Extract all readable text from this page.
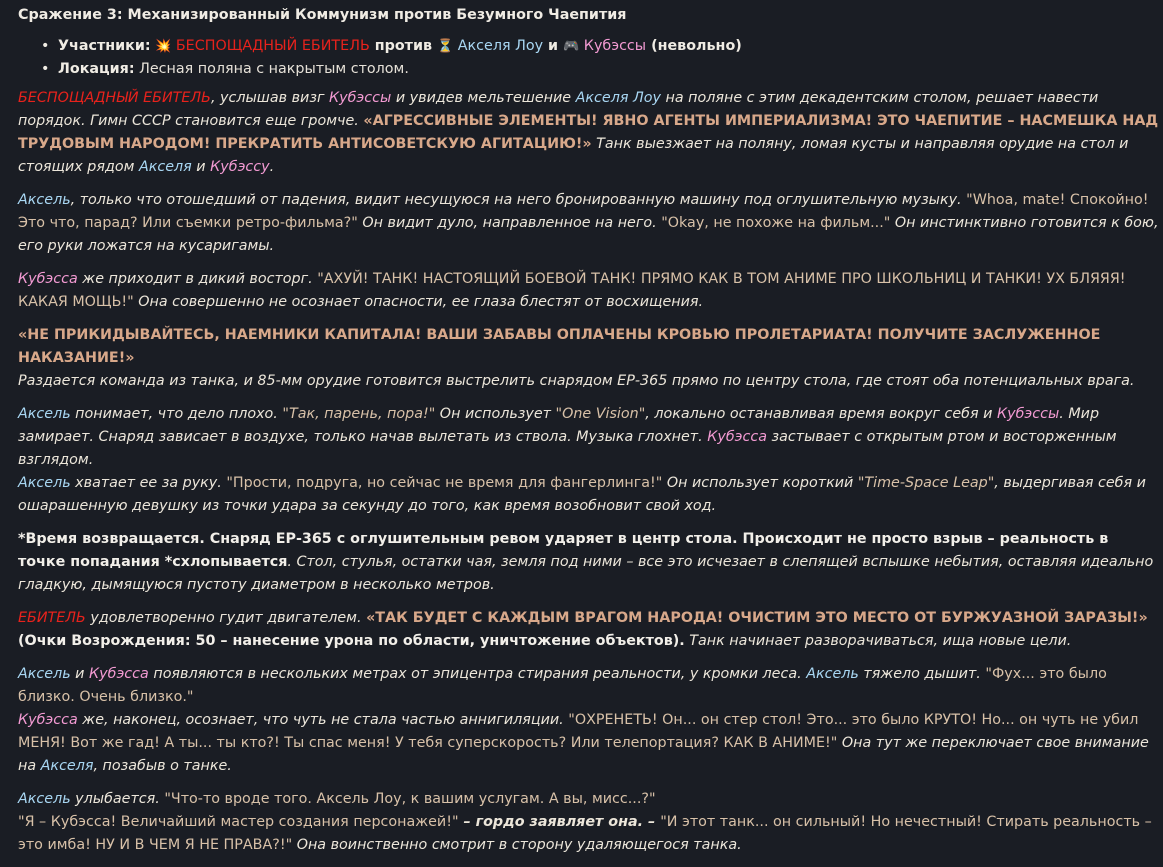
Сражение 3: Механизированный Коммунизм против Безумного Чаепития
• Участники: 💥 БЕСПОЩАДНЫЙ ЕБИТЕЛЬ против ⏳ Акселя Лоу и 🎮 Кубэссы (невольно)
• Локация: Лесная поляна с накрытым столом.

БЕСПОЩАДНЫЙ ЕБИТЕЛЬ, услышав визг Кубэссы и увидев мельтешение Акселя Лоу на поляне с этим декадентским столом, решает навести порядок. Гимн СССР становится еще громче. «АГРЕССИВНЫЕ ЭЛЕМЕНТЫ! ЯВНО АГЕНТЫ ИМПЕРИАЛИЗМА! ЭТО ЧАЕПИТИЕ – НАСМЕШКА НАД ТРУДОВЫМ НАРОДОМ! ПРЕКРАТИТЬ АНТИСОВЕТСКУЮ АГИТАЦИЮ!» Танк выезжает на поляну, ломая кусты и направляя орудие на стол и стоящих рядом Акселя и Кубэссу.

Аксель, только что отошедший от падения, видит несущуюся на него бронированную машину под оглушительную музыку. "Whoa, mate! Спокойно! Это что, парад? Или съемки ретро-фильма?" Он видит дуло, направленное на него. "Okay, не похоже на фильм..." Он инстинктивно готовится к бою, его руки ложатся на кусаригамы.

Кубэсса же приходит в дикий восторг. "АХУЙ! ТАНК! НАСТОЯЩИЙ БОЕВОЙ ТАНК! ПРЯМО КАК В ТОМ АНИМЕ ПРО ШКОЛЬНИЦ И ТАНКИ! УХ БЛЯЯЯ! КАКАЯ МОЩЬ!" Она совершенно не осознает опасности, ее глаза блестят от восхищения.

«НЕ ПРИКИДЫВАЙТЕСЬ, НАЕМНИКИ КАПИТАЛА! ВАШИ ЗАБАВЫ ОПЛАЧЕНЫ КРОВЬЮ ПРОЛЕТАРИАТА! ПОЛУЧИТЕ ЗАСЛУЖЕННОЕ НАКАЗАНИЕ!»
Раздается команда из танка, и 85-мм орудие готовится выстрелить снарядом ЕР-365 прямо по центру стола, где стоят оба потенциальных врага.

Аксель понимает, что дело плохо. "Так, парень, пора!" Он использует "One Vision", локально останавливая время вокруг себя и Кубэссы. Мир замирает. Снаряд зависает в воздухе, только начав вылетать из ствола. Музыка глохнет. Кубэсса застывает с открытым ртом и восторженным взглядом.
Аксель хватает ее за руку. "Прости, подруга, но сейчас не время для фангерлинга!" Он использует короткий "Time-Space Leap", выдергивая себя и ошарашенную девушку из точки удара за секунду до того, как время возобновит свой ход.

*Время возвращается. Снаряд ЕР-365 с оглушительным ревом ударяет в центр стола. Происходит не просто взрыв – реальность в точке попадания *схлопывается. Стол, стулья, остатки чая, земля под ними – все это исчезает в слепящей вспышке небытия, оставляя идеально гладкую, дымящуюся пустоту диаметром в несколько метров.

ЕБИТЕЛЬ удовлетворенно гудит двигателем. «ТАК БУДЕТ С КАЖДЫМ ВРАГОМ НАРОДА! ОЧИСТИМ ЭТО МЕСТО ОТ БУРЖУАЗНОЙ ЗАРАЗЫ!» (Очки Возрождения: 50 – нанесение урона по области, уничтожение объектов). Танк начинает разворачиваться, ища новые цели.

Аксель и Кубэсса появляются в нескольких метрах от эпицентра стирания реальности, у кромки леса. Аксель тяжело дышит. "Фух... это было близко. Очень близко."

Кубэсса же, наконец, осознает, что чуть не стала частью аннигиляции. "ОХРЕНЕТЬ! Он... он стер стол! Это... это было КРУТО! Но... он чуть не убил МЕНЯ! Вот же гад! А ты... ты кто?! Ты спас меня! У тебя суперскорость? Или телепортация? КАК В АНИМЕ!" Она тут же переключает свое внимание на Акселя, позабыв о танке.

Аксель улыбается. "Что-то вроде того. Аксель Лоу, к вашим услугам. А вы, мисс...?"

"Я – Кубэсса! Величайший мастер создания персонажей!" – гордо заявляет она. – "И этот танк... он сильный! Но нечестный! Стирать реальность – это имба! НУ И В ЧЕМ Я НЕ ПРАВА?!" Она воинственно смотрит в сторону удаляющегося танка.
